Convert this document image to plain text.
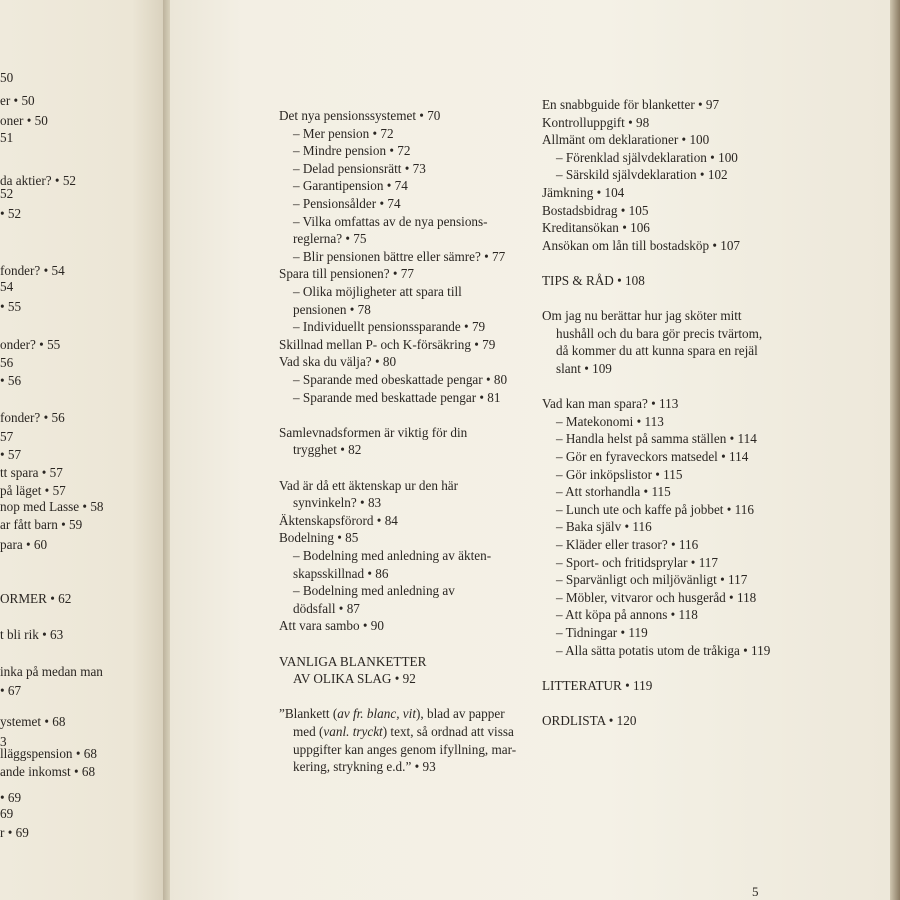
50
er • 50
oner • 50
51
da aktier? • 52
52
• 52
fonder? • 54
54
• 55
onder? • 55
56
• 56
fonder? • 56
57
• 57
tt spara • 57
på läget • 57
nop med Lasse • 58
ar fått barn • 59
para • 60
ORMER • 62
t bli rik • 63
inka på medan man
• 67
ystemet • 68
3
lläggspension • 68
ande inkomst • 68
• 69
69
r • 69
Det nya pensionssystemet • 70
– Mer pension • 72
– Mindre pension • 72
– Delad pensionsrätt • 73
– Garantipension • 74
– Pensionsålder • 74
– Vilka omfattas av de nya pensions-
reglerna? • 75
– Blir pensionen bättre eller sämre? • 77
Spara till pensionen? • 77
– Olika möjligheter att spara till
pensionen • 78
– Individuellt pensionssparande • 79
Skillnad mellan P- och K-försäkring • 79
Vad ska du välja? • 80
– Sparande med obeskattade pengar • 80
– Sparande med beskattade pengar • 81
Samlevnadsformen är viktig för din
trygghet • 82
Vad är då ett äktenskap ur den här
synvinkeln? • 83
Äktenskapsförord • 84
Bodelning • 85
– Bodelning med anledning av äkten-
skapsskillnad • 86
– Bodelning med anledning av
dödsfall • 87
Att vara sambo • 90
VANLIGA BLANKETTER
AV OLIKA SLAG • 92
”Blankett (av fr. blanc, vit), blad av papper
med (vanl. tryckt) text, så ordnad att vissa
uppgifter kan anges genom ifyllning, mar-
kering, strykning e.d.” • 93
En snabbguide för blanketter • 97
Kontrolluppgift • 98
Allmänt om deklarationer • 100
– Förenklad självdeklaration • 100
– Särskild självdeklaration • 102
Jämkning • 104
Bostadsbidrag • 105
Kreditansökan • 106
Ansökan om lån till bostadsköp • 107
TIPS & RÅD • 108
Om jag nu berättar hur jag sköter mitt
hushåll och du bara gör precis tvärtom,
då kommer du att kunna spara en rejäl
slant • 109
Vad kan man spara? • 113
– Matekonomi • 113
– Handla helst på samma ställen • 114
– Gör en fyraveckors matsedel • 114
– Gör inköpslistor • 115
– Att storhandla • 115
– Lunch ute och kaffe på jobbet • 116
– Baka själv • 116
– Kläder eller trasor? • 116
– Sport- och fritidsprylar • 117
– Sparvänligt och miljövänligt • 117
– Möbler, vitvaror och husgeråd • 118
– Att köpa på annons • 118
– Tidningar • 119
– Alla sätta potatis utom de tråkiga • 119
LITTERATUR • 119
ORDLISTA • 120
5
